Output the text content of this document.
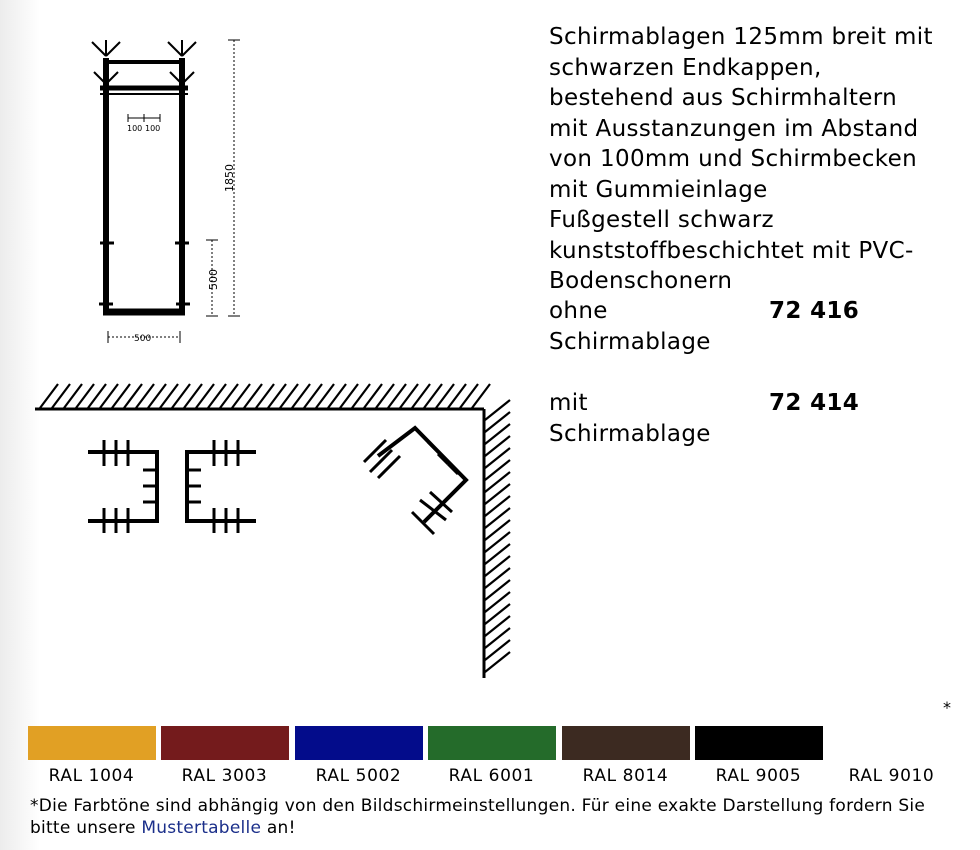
100 100
1850
500
500
Schirmablagen 125mm breit mit
schwarzen Endkappen,
bestehend aus Schirmhaltern
mit Ausstanzungen im Abstand
von 100mm und Schirmbecken
mit Gummieinlage
Fußgestell schwarz
kunststoffbeschichtet mit PVC-
Bodenschonern
ohne	72 416
Schirmablage
mit	72 414
Schirmablage
*
RAL 1004	RAL 3003	RAL 5002	RAL 6001	RAL 8014	RAL 9005	RAL 9010
*Die Farbtöne sind abhängig von den Bildschirmeinstellungen. Für eine exakte Darstellung fordern Sie bitte unsere Mustertabelle an!
